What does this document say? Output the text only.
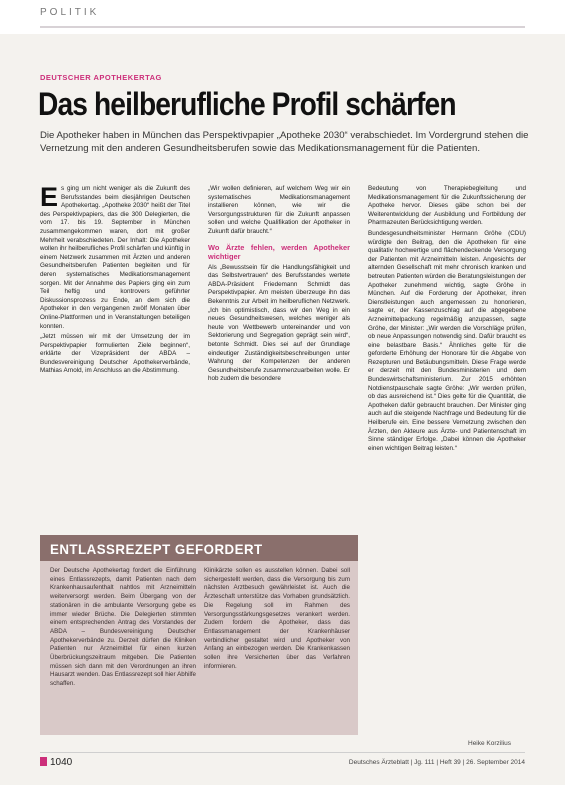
POLITIK
DEUTSCHER APOTHEKERTAG
Das heilberufliche Profil schärfen
Die Apotheker haben in München das Perspektivpapier „Apotheke 2030“ verabschiedet. Im Vordergrund stehen die Vernetzung mit den anderen Gesundheitsberufen sowie das Medikationsmanagement für die Patienten.

Es ging um nicht weniger als die Zukunft des Berufsstandes beim diesjährigen Deutschen Apothekertag. „Apotheke 2030“ heißt der Titel des Perspektivpapiers, das die 300 Delegierten, die vom 17. bis 19. September in München zusammengekommen waren, dort mit großer Mehrheit verabschiedeten. Der Inhalt: Die Apotheker wollen ihr heilberufliches Profil schärfen und künftig in einem Netzwerk zusammen mit Ärzten und anderen Gesundheitsberufen Patienten begleiten und für deren systematisches Medikationsmanagement sorgen. Mit der Annahme des Papiers ging ein zum Teil heftig und kontrovers geführter Diskussionsprozess zu Ende, an dem sich die Apotheker in den vergangenen zwölf Monaten über Online-Plattformen und in Veranstaltungen beteiligen konnten.

„Jetzt müssen wir mit der Umsetzung der im Perspektivpapier formulierten Ziele beginnen“, erklärte der Vizepräsident der ABDA – Bundesvereinigung Deutscher Apothekerverbände, Mathias Arnold, im Anschluss an die Abstimmung.

„Wir wollen definieren, auf welchem Weg wir ein systematisches Medikationsmanagement installieren können, wie wir die Versorgungsstrukturen für die Zukunft anpassen sollen und welche Qualifikation der Apotheker in Zukunft dafür braucht.“

Wo Ärzte fehlen, werden Apotheker wichtiger

Als „Bewusstsein für die Handlungsfähigkeit und das Selbstvertrauen“ des Berufsstandes wertete ABDA-Präsident Friedemann Schmidt das Perspektivpapier. Am meisten überzeuge ihn das Bekenntnis zur Arbeit im heilberuflichen Netzwerk. „Ich bin optimistisch, dass wir den Weg in ein neues Gesundheitswesen, welches weniger als heute von Wettbewerb untereinander und von Sektorierung und Segregation geprägt sein wird“, betonte Schmidt. Dies sei auf der Grundlage eindeutiger Zuständigkeitsbeschreibungen unter Wahrung der Kompetenzen der anderen Gesundheitsberufe zusammenzuarbeiten wolle. Er hob zudem die besondere

Bedeutung von Therapiebegleitung und Medikationsmanagement für die Zukunftssicherung der Apotheke hervor. Dieses gäbe schon bei der Weiterentwicklung der Ausbildung und Fortbildung der Pharmazeuten Berücksichtigung werden.

Bundesgesundheitsminister Hermann Gröhe (CDU) würdigte den Beitrag, den die Apotheken für eine qualitativ hochwertige und flächendeckende Versorgung der Patienten mit Arzneimitteln leisten. Angesichts der alternden Gesellschaft mit mehr chronisch kranken und betreuten Patienten würden die Beratungsleistungen der Apotheker zunehmend wichtig, sagte Gröhe in München. Auf die Forderung der Apotheker, ihren Dienstleistungen auch angemessen zu honorieren, sagte er, der Kassenzuschlag auf die abgegebene Arzneimittelpackung regelmäßig anzupassen, sagte Gröhe, der Minister: „Wir werden die Vorschläge prüfen, ob neue Anpassungen notwendig sind. Dafür braucht es eine belastbare Basis.“ Ähnliches gelte für die geforderte Erhöhung der Honorare für die Abgabe von Rezepturen und Betäubungsmitteln. Diese Frage werde er derzeit mit den Bundesministerien und dem Bundeswirtschaftsministerium. Zur 2015 erhöhten Notdienstpauschale sagte Gröhe: „Wir werden prüfen, ob das ausreichend ist.“ Dies gelte für die Quantität, die Apotheken dafür gebraucht brauchen. Der Minister ging auch auf die steigende Nachfrage und Bedeutung für die Heilberufe ein. Eine bessere Vernetzung zwischen den Ärzten, den Akteure aus Ärzte- und Patientenschaft im Sinne ständiger Erfolge. „Dabei können die Apotheker einen wichtigen Beitrag leisten.“

ENTLASSREZEPT GEFORDERT

Der Deutsche Apothekertag fordert die Einführung eines Entlassrezepts, damit Patienten nach dem Krankenhausaufenthalt nahtlos mit Arzneimitteln weiterversorgt werden. Beim Übergang von der stationären in die ambulante Versorgung gebe es immer wieder Brüche. Die Delegierten stimmten einem entsprechenden Antrag des Vorstandes der ABDA – Bundesvereinigung Deutscher Apothekerverbände zu. Derzeit dürfen die Kliniken Patienten nur Arzneimittel für einen kurzen Überbrückungszeitraum mitgeben. Die Patienten müssen sich dann mit den Verordnungen an ihren Hausarzt wenden. Das Entlassrezept soll hier Abhilfe schaffen.

Klinikärzte sollen es ausstellen können. Dabei soll sichergestellt werden, dass die Versorgung bis zum nächsten Arztbesuch gewährleistet ist. Auch die Ärzteschaft unterstütze das Vorhaben grundsätzlich. Die Regelung soll im Rahmen des Versorgungsstärkungsgesetzes verankert werden. Zudem fordern die Apotheker, dass das Entlassmanagement der Krankenhäuser verbindlicher gestaltet wird und Apotheker von Anfang an einbezogen werden. Die Krankenkassen sollen ihre Versicherten über das Verfahren informieren.

Heike Korzilius
1040	Deutsches Ärzteblatt | Jg. 111 | Heft 39 | 26. September 2014
